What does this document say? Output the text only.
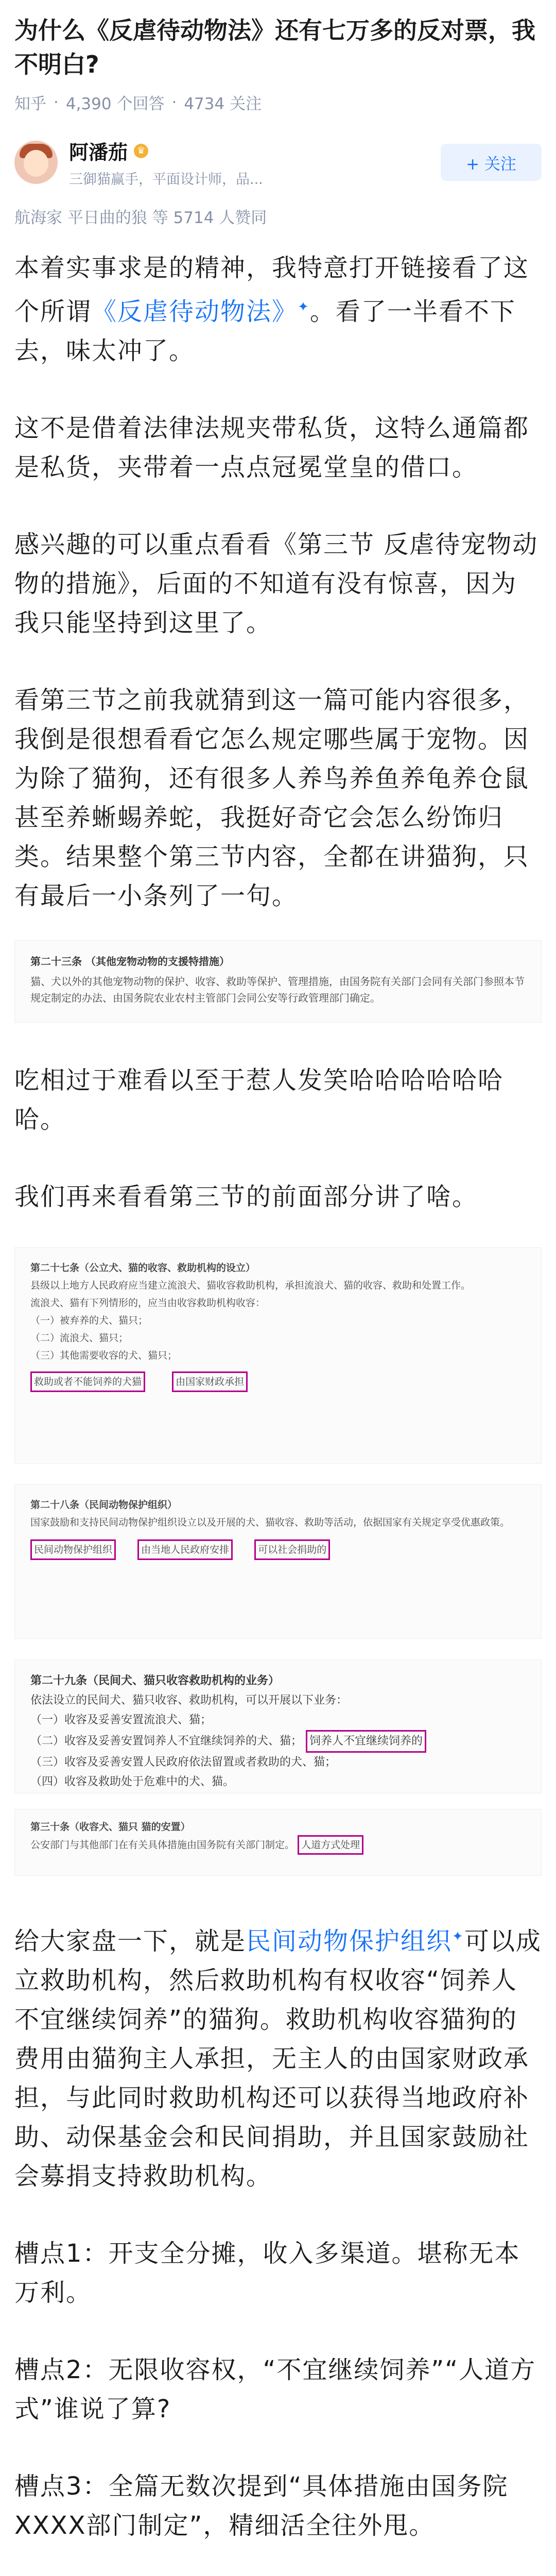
为什么《反虐待动物法》还有七万多的反对票，我不明白?
知乎 · 4,390 个回答 · 4734 关注
阿潘茄 ♛
三御猫赢手，平面设计师，品...
+ 关注
航海家 平日曲的狼 等 5714 人赞同

本着实事求是的精神，我特意打开链接看了这个所谓《反虐待动物法》✦。看了一半看不下去，味太冲了。

这不是借着法律法规夹带私货，这特么通篇都是私货，夹带着一点点冠冕堂皇的借口。

感兴趣的可以重点看看《第三节 反虐待宠物动物的措施》，后面的不知道有没有惊喜，因为我只能坚持到这里了。

看第三节之前我就猜到这一篇可能内容很多，我倒是很想看看它怎么规定哪些属于宠物。因为除了猫狗，还有很多人养鸟养鱼养龟养仓鼠甚至养蜥蜴养蛇，我挺好奇它会怎么纷饰归类。结果整个第三节内容，全都在讲猫狗，只有最后一小条列了一句。

第二十三条 （其他宠物动物的支援特措施）
猫、犬以外的其他宠物动物的保护、收容、救助等保护、管理措施，由国务院有关部门会同有关部门参照本节规定制定的办法、由国务院农业农村主管部门会同公安等行政管理部门确定。

吃相过于难看以至于惹人发笑哈哈哈哈哈哈哈。

我们再来看看第三节的前面部分讲了啥。

第二十七条（公立犬、猫的收容、救助机构的设立）
县级以上地方人民政府应当建立流浪犬、猫收容救助机构，承担流浪犬、猫的收容、救助和处置工作。
流浪犬、猫有下列情形的，应当由收容救助机构收容：
（一）被弃养的犬、猫只；
（二）流浪犬、猫只；
（三）其他需要收容的犬、猫只；
救助或者不能饲养的犬猫	由国家财政承担
第二十八条（民间动物保护组织）
国家鼓励和支持民间动物保护组织设立以及开展的犬、猫收容、救助等活动，依据国家有关规定享受优惠政策。
民间动物保护组织	由当地人民政府安排	可以社会捐助的
第二十九条（民间犬、猫只收容救助机构的业务）
依法设立的民间犬、猫只收容、救助机构，可以开展以下业务：
（一）收容及妥善安置流浪犬、猫；
（二）收容及妥善安置饲养人不宜继续饲养的犬、猫； 饲养人不宜继续饲养的
（三）收容及妥善安置人民政府依法留置或者救助的犬、猫；
（四）收容及救助处于危难中的犬、猫。
第三十条（收容犬、猫只 猫的安置）
公安部门与其他部门在有关具体措施由国务院有关部门制定。 人道方式处理

给大家盘一下，就是民间动物保护组织✦可以成立救助机构，然后救助机构有权收容“饲养人不宜继续饲养”的猫狗。救助机构收容猫狗的费用由猫狗主人承担，无主人的由国家财政承担，与此同时救助机构还可以获得当地政府补助、动保基金会和民间捐助，并且国家鼓励社会募捐支持救助机构。

槽点1：开支全分摊，收入多渠道。堪称无本万利。

槽点2：无限收容权，“不宜继续饲养”“人道方式”谁说了算?

槽点3：全篇无数次提到“具体措施由国务院XXXX部门制定”，精细活全往外甩。
